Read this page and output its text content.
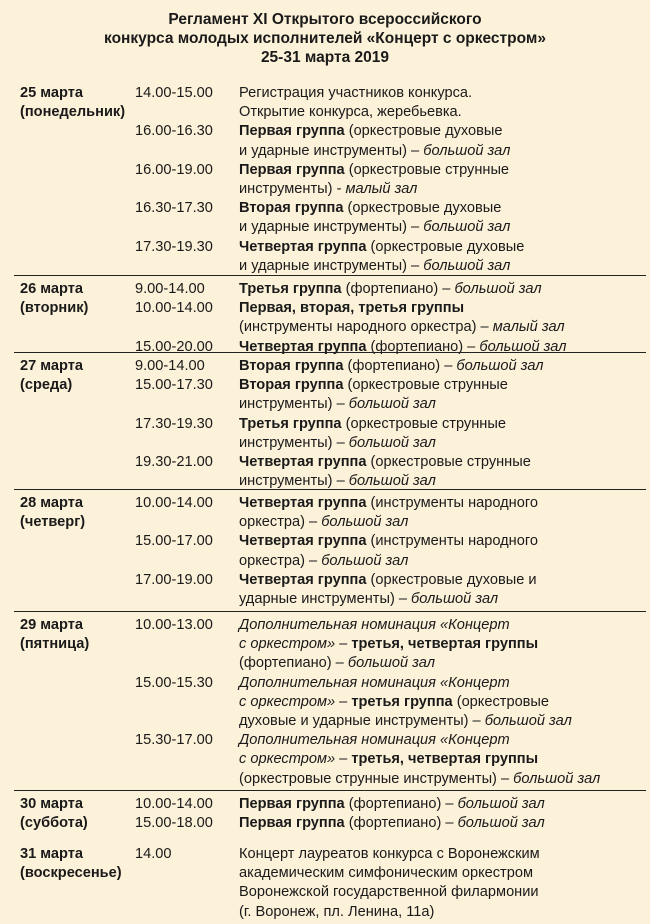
Регламент XI Открытого всероссийского
конкурса молодых исполнителей «Концерт с оркестром»
25-31 марта 2019
25 марта
(понедельник)
14.00-15.00	Регистрация участников конкурса.
Открытие конкурса, жеребьевка.
16.00-16.30	Первая группа (оркестровые духовые
и ударные инструменты) – большой зал
16.00-19.00	Первая группа (оркестровые струнные
инструменты) - малый зал
16.30-17.30	Вторая группа (оркестровые духовые
и ударные инструменты) – большой зал
17.30-19.30	Четвертая группа (оркестровые духовые
и ударные инструменты) – большой зал
26 марта
(вторник)
9.00-14.00	Третья группа (фортепиано) – большой зал
10.00-14.00	Первая, вторая, третья группы
(инструменты народного оркестра) – малый зал
15.00-20.00	Четвертая группа (фортепиано) – большой зал
27 марта
(среда)
9.00-14.00	Вторая группа (фортепиано) – большой зал
15.00-17.30	Вторая группа (оркестровые струнные
инструменты) – большой зал
17.30-19.30	Третья группа (оркестровые струнные
инструменты) – большой зал
19.30-21.00	Четвертая группа (оркестровые струнные
инструменты) – большой зал
28 марта
(четверг)
10.00-14.00	Четвертая группа (инструменты народного
оркестра) – большой зал
15.00-17.00	Четвертая группа (инструменты народного
оркестра) – большой зал
17.00-19.00	Четвертая группа (оркестровые духовые и
ударные инструменты) – большой зал
29 марта
(пятница)
10.00-13.00	Дополнительная номинация «Концерт
с оркестром» – третья, четвертая группы
(фортепиано) – большой зал
15.00-15.30	Дополнительная номинация «Концерт
с оркестром» – третья группа (оркестровые
духовые и ударные инструменты) – большой зал
15.30-17.00	Дополнительная номинация «Концерт
с оркестром» – третья, четвертая группы
(оркестровые струнные инструменты) – большой зал
30 марта
(суббота)
10.00-14.00	Первая группа (фортепиано) – большой зал
15.00-18.00	Первая группа (фортепиано) – большой зал
31 марта
(воскресенье)
14.00	Концерт лауреатов конкурса с Воронежским
академическим симфоническим оркестром
Воронежской государственной филармонии
(г. Воронеж, пл. Ленина, 11а)
